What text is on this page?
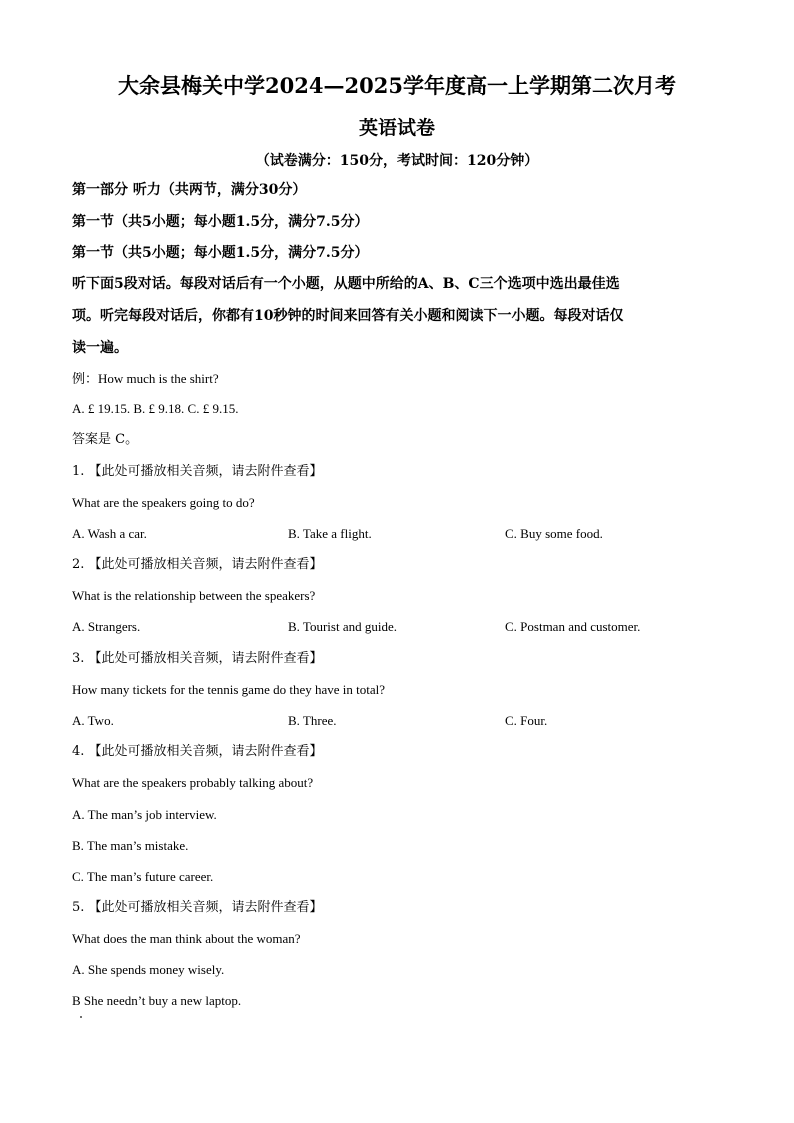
大余县梅关中学2024—2025学年度高一上学期第二次月考
英语试卷
（试卷满分：150分，考试时间：120分钟）
第一部分 听力（共两节，满分30分）
第一节（共5小题；每小题1.5分，满分7.5分）
第一节（共5小题；每小题1.5分，满分7.5分）
听下面5段对话。每段对话后有一个小题，从题中所给的A、B、C三个选项中选出最佳选
项。听完每段对话后，你都有10秒钟的时间来回答有关小题和阅读下一小题。每段对话仅
读一遍。
例：How much is the shirt?
A. £ 19.15. B. £ 9.18. C. £ 9.15.
答案是 C。
1. 【此处可播放相关音频，请去附件查看】
What are the speakers going to do?
A. Wash a car.	B. Take a flight.	C. Buy some food.
2. 【此处可播放相关音频，请去附件查看】
What is the relationship between the speakers?
A. Strangers.	B. Tourist and guide.	C. Postman and customer.
3. 【此处可播放相关音频，请去附件查看】
How many tickets for the tennis game do they have in total?
A. Two.	B. Three.	C. Four.
4. 【此处可播放相关音频，请去附件查看】
What are the speakers probably talking about?
A. The man’s job interview.
B. The man’s mistake.
C. The man’s future career.
5. 【此处可播放相关音频，请去附件查看】
What does the man think about the woman?
A. She spends money wisely.
B She needn’t buy a new laptop.
